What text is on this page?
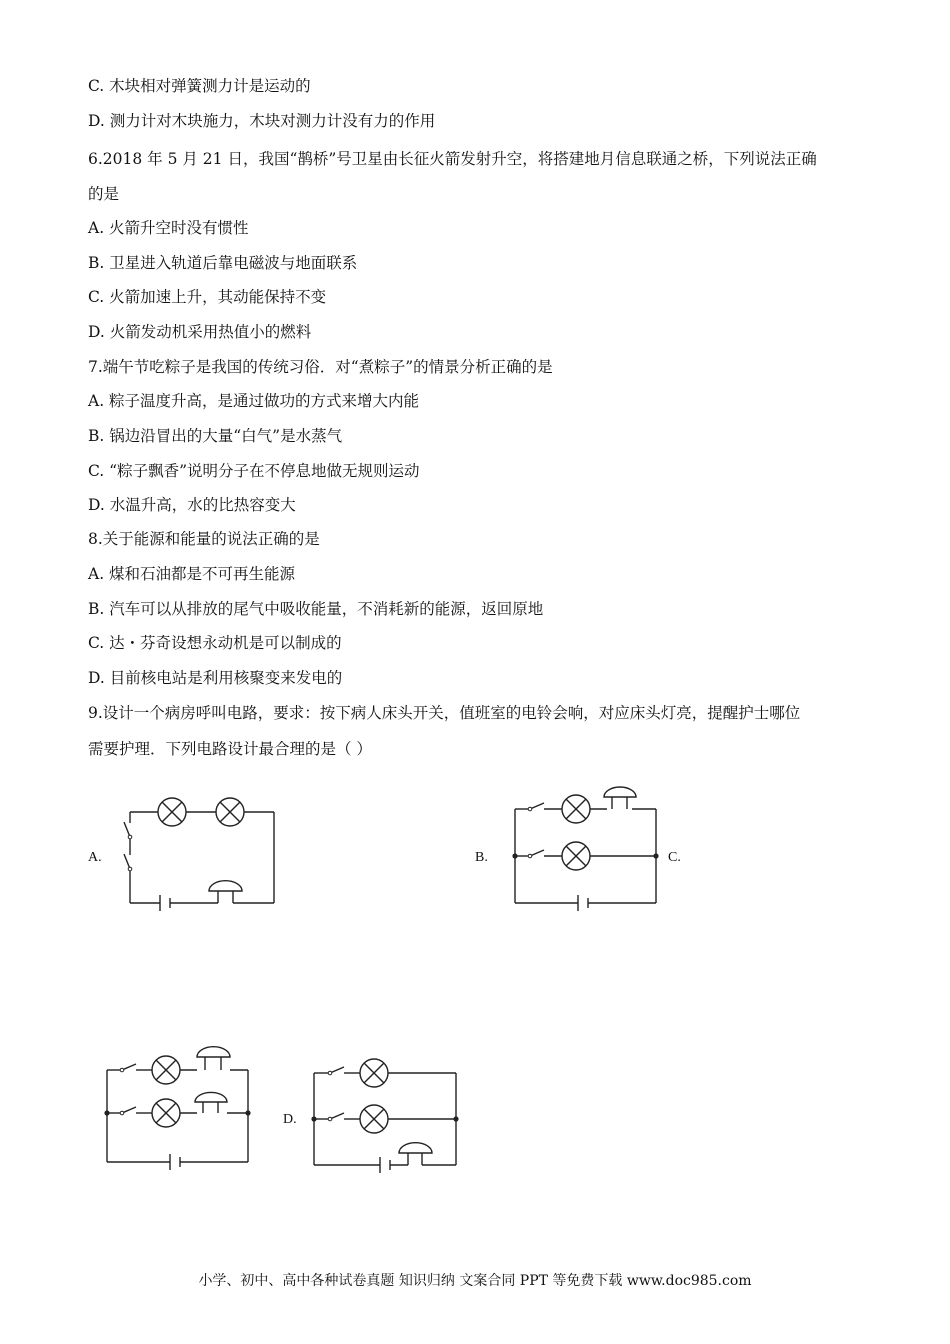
C. 木块相对弹簧测力计是运动的
D. 测力计对木块施力，木块对测力计没有力的作用
6.2018 年 5 月 21 日，我国“鹊桥”号卫星由长征火箭发射升空，将搭建地月信息联通之桥，下列说法正确
的是
A. 火箭升空时没有惯性
B. 卫星进入轨道后靠电磁波与地面联系
C. 火箭加速上升，其动能保持不变
D. 火箭发动机采用热值小的燃料
7.端午节吃粽子是我国的传统习俗．对“煮粽子”的情景分析正确的是
A. 粽子温度升高，是通过做功的方式来增大内能
B. 锅边沿冒出的大量“白气”是水蒸气
C. “粽子飘香”说明分子在不停息地做无规则运动
D. 水温升高，水的比热容变大
8.关于能源和能量的说法正确的是
A. 煤和石油都是不可再生能源
B. 汽车可以从排放的尾气中吸收能量，不消耗新的能源，返回原地
C. 达・芬奇设想永动机是可以制成的
D. 目前核电站是利用核聚变来发电的
9.设计一个病房呼叫电路，要求：按下病人床头开关，值班室的电铃会响，对应床头灯亮，提醒护士哪位
需要护理．下列电路设计最合理的是（ ）
A.	B.	C.
D.
小学、初中、高中各种试卷真题 知识归纳 文案合同 PPT 等免费下载 www.doc985.com
